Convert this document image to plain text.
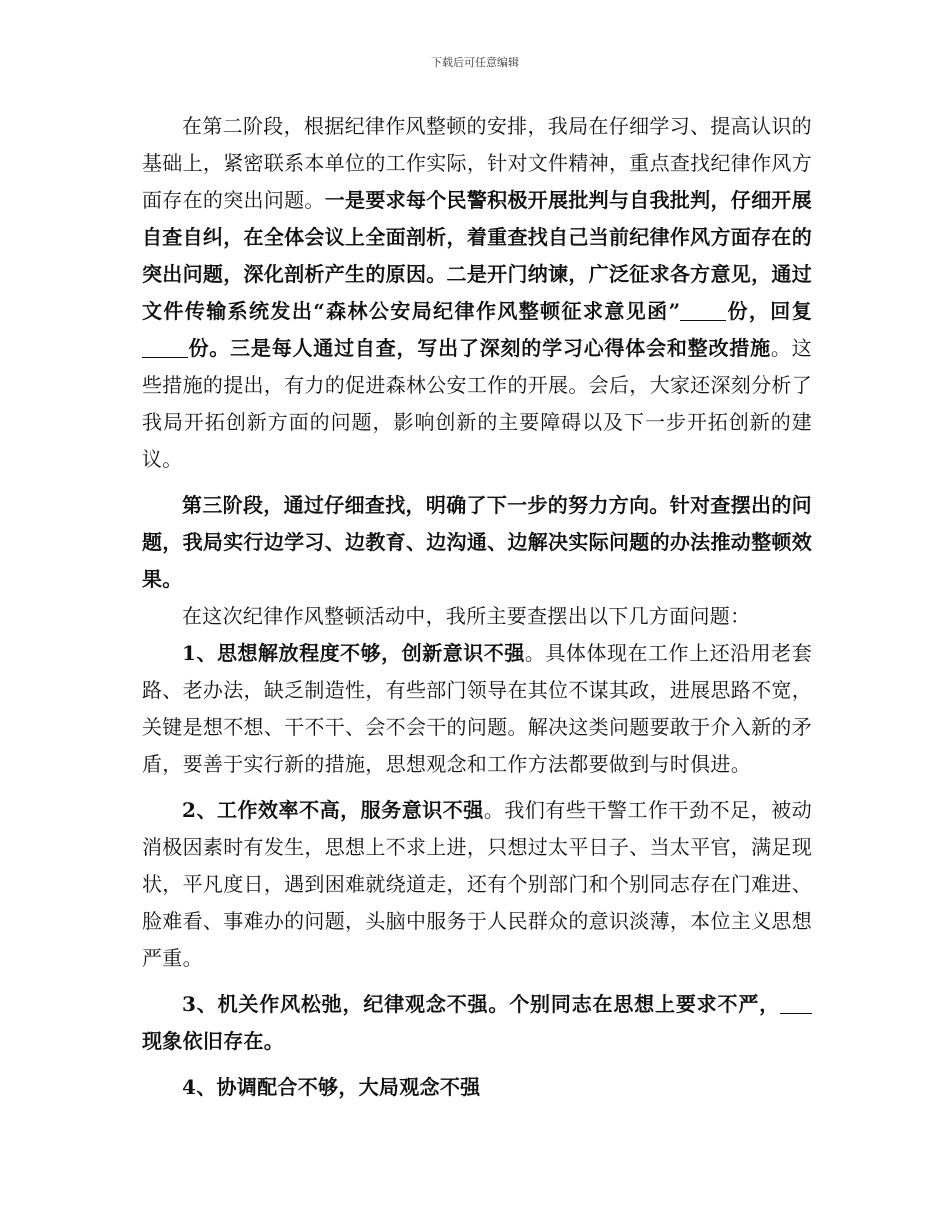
下载后可任意编辑

在第二阶段，根据纪律作风整顿的安排，我局在仔细学习、提高认识的基础上，紧密联系本单位的工作实际，针对文件精神，重点查找纪律作风方面存在的突出问题。一是要求每个民警积极开展批判与自我批判，仔细开展自查自纠，在全体会议上全面剖析，着重查找自己当前纪律作风方面存在的突出问题，深化剖析产生的原因。二是开门纳谏，广泛征求各方意见，通过文件传输系统发出“森林公安局纪律作风整顿征求意见函” 份，回复份。三是每人通过自查，写出了深刻的学习心得体会和整改措施。这些措施的提出，有力的促进森林公安工作的开展。会后，大家还深刻分析了我局开拓创新方面的问题，影响创新的主要障碍以及下一步开拓创新的建议。

第三阶段，通过仔细查找，明确了下一步的努力方向。针对查摆出的问题，我局实行边学习、边教育、边沟通、边解决实际问题的办法推动整顿效果。

在这次纪律作风整顿活动中，我所主要查摆出以下几方面问题：

1、思想解放程度不够，创新意识不强。具体体现在工作上还沿用老套路、老办法，缺乏制造性，有些部门领导在其位不谋其政，进展思路不宽，关键是想不想、干不干、会不会干的问题。解决这类问题要敢于介入新的矛盾，要善于实行新的措施，思想观念和工作方法都要做到与时俱进。

2、工作效率不高，服务意识不强。我们有些干警工作干劲不足，被动消极因素时有发生，思想上不求上进，只想过太平日子、当太平官，满足现状，平凡度日，遇到困难就绕道走，还有个别部门和个别同志存在门难进、脸难看、事难办的问题，头脑中服务于人民群众的意识淡薄，本位主义思想严重。

3、机关作风松弛，纪律观念不强。个别同志在思想上要求不严，现象依旧存在。

4、协调配合不够，大局观念不强
